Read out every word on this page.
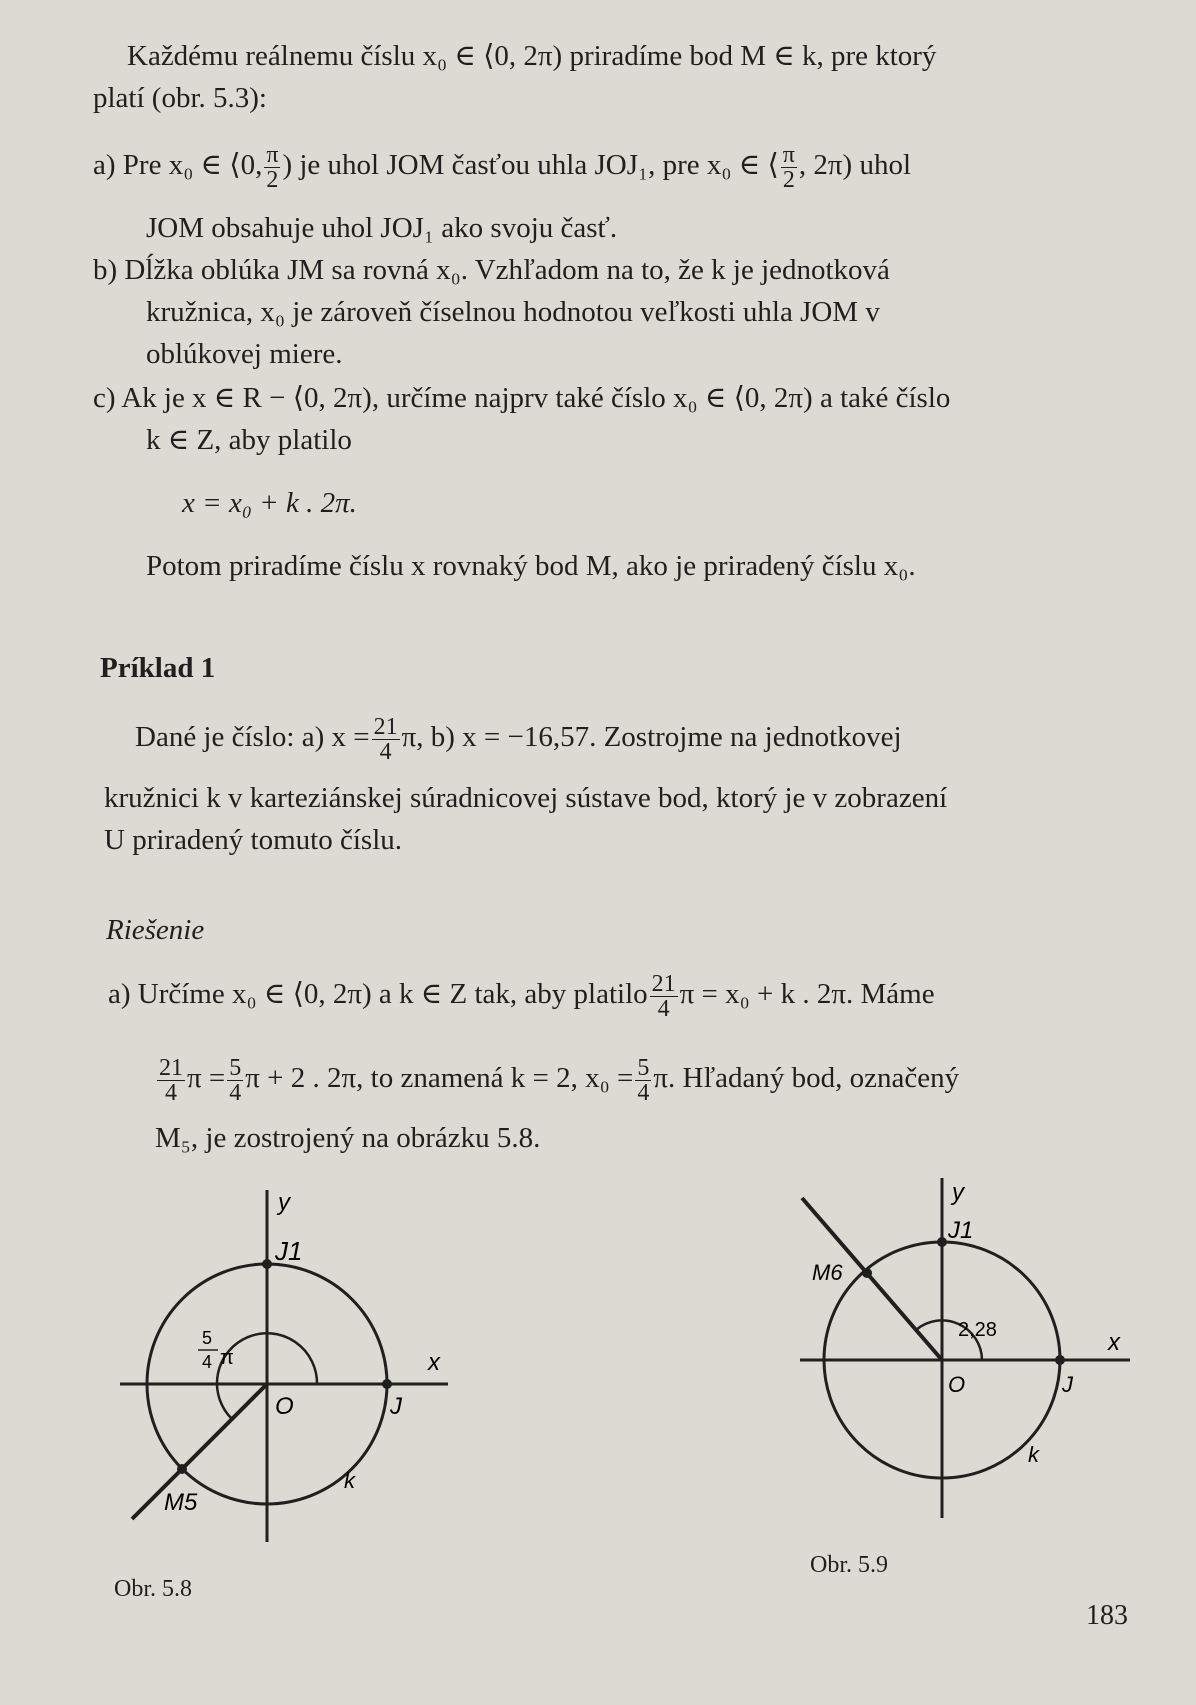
Každému reálnemu číslu x₀ ∈ ⟨0, 2π) priradíme bod M ∈ k, pre ktorý
platí (obr. 5.3):
a) Pre x₀ ∈ ⟨0, $\frac{\pi}{2}$ ) je uhol JOM časťou uhla JOJ₁, pre x₀ ∈ ⟨ $\frac{\pi}{2}$ , 2π) uhol
JOM obsahuje uhol JOJ₁ ako svoju časť.
b) Dĺžka oblúka JM sa rovná x₀. Vzhľadom na to, že k je jednotková
kružnica, x₀ je zároveň číselnou hodnotou veľkosti uhla JOM v
oblúkovej miere.
c) Ak je x ∈ R − ⟨0, 2π), určíme najprv také číslo x₀ ∈ ⟨0, 2π) a také číslo
k ∈ Z, aby platilo
x = x₀ + k . 2π.
Potom priradíme číslu x rovnaký bod M, ako je priradený číslu x₀.
Príklad 1
Dané je číslo: a) $x = \frac{21}{4} \pi$, b) x = −16,57. Zostrojme na jednotkovej
kružnici k v karteziánskej súradnicovej sústave bod, ktorý je v zobrazení
U priradený tomuto číslu.
Riešenie
a) Určíme x₀ ∈ ⟨0, 2π) a k ∈ Z tak, aby platilo $\frac{21}{4}$ π = x₀ + k . 2π. Máme
$\frac{21}{4}$ $\pi = \frac{5}{4}$ π + 2 . 2π, to znamená k = 2, $x_0 = \frac{5}{4} \pi$. Hľadaný bod, označený
M₅, je zostrojený na obrázku 5.8.
y
x
J1
O	J
k
M5
5
4 π
Obr. 5.8
y
x
J1
O	J
k
M6
2,28
Obr. 5.9
183
